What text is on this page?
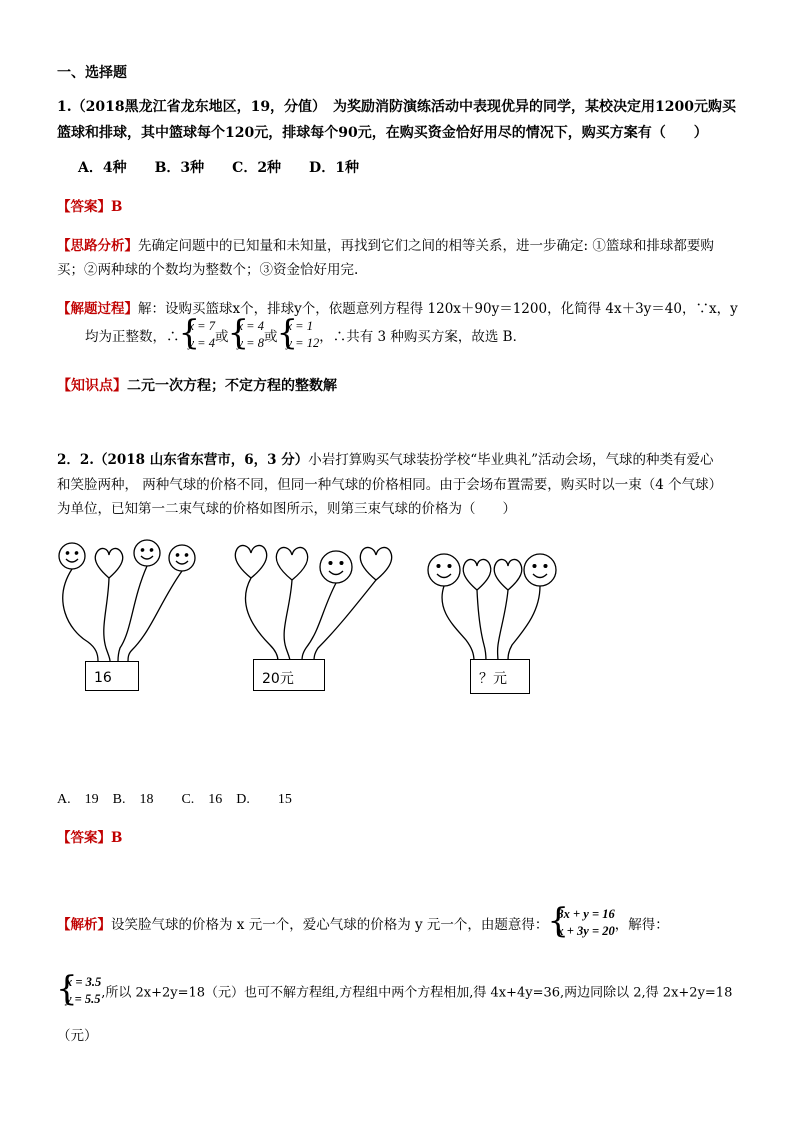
一、选择题
1.（2018黑龙江省龙东地区，19，分值）　为奖励消防演练活动中表现优异的同学，某校决定用1200元购买
篮球和排球，其中篮球每个120元，排球每个90元，在购买资金恰好用尽的情况下，购买方案有（　　）
A．4种　　B．3种　　C．2种　　D．1种
【答案】B
【思路分析】先确定问题中的已知量和未知量，再找到它们之间的相等关系，进一步确定: ①篮球和排球都要购
买；②两种球的个数均为整数个；③资金恰好用完.
【解题过程】解：设购买篮球x个，排球y个，依题意列方程得 120x＋90y＝1200，化简得 4x＋3y＝40，∵x，y
均为正整数，∴
{ x = 7
y = 4 或
{ x = 4
y = 8 或
{ x = 1
y = 12 ，∴共有 3 种购买方案，故选 B．
【知识点】二元一次方程；不定方程的整数解
2．2.（2018 山东省东营市，6，3 分）小岩打算购买气球装扮学校“毕业典礼”活动会场，气球的种类有爱心
和笑脸两种， 两种气球的价格不同，但同一种气球的价格相同。由于会场布置需要，购买时以一束（4 个气球）
为单位，已知第一二束气球的价格如图所示，则第三束气球的价格为（　　）
16	20元	？元
A.　19　B.　18　　C.　16　D.　　15
【答案】B
【解析】设笑脸气球的价格为 x 元一个，爱心气球的价格为 y 元一个，由题意得：
{ 3x + y = 16
x + 3y = 20 ，解得：
{ x = 3.5
y = 5.5 ,所以 2x+2y=18（元）也可不解方程组,方程组中两个方程相加,得 4x+4y=36,两边同除以 2,得 2x+2y=18
（元）
